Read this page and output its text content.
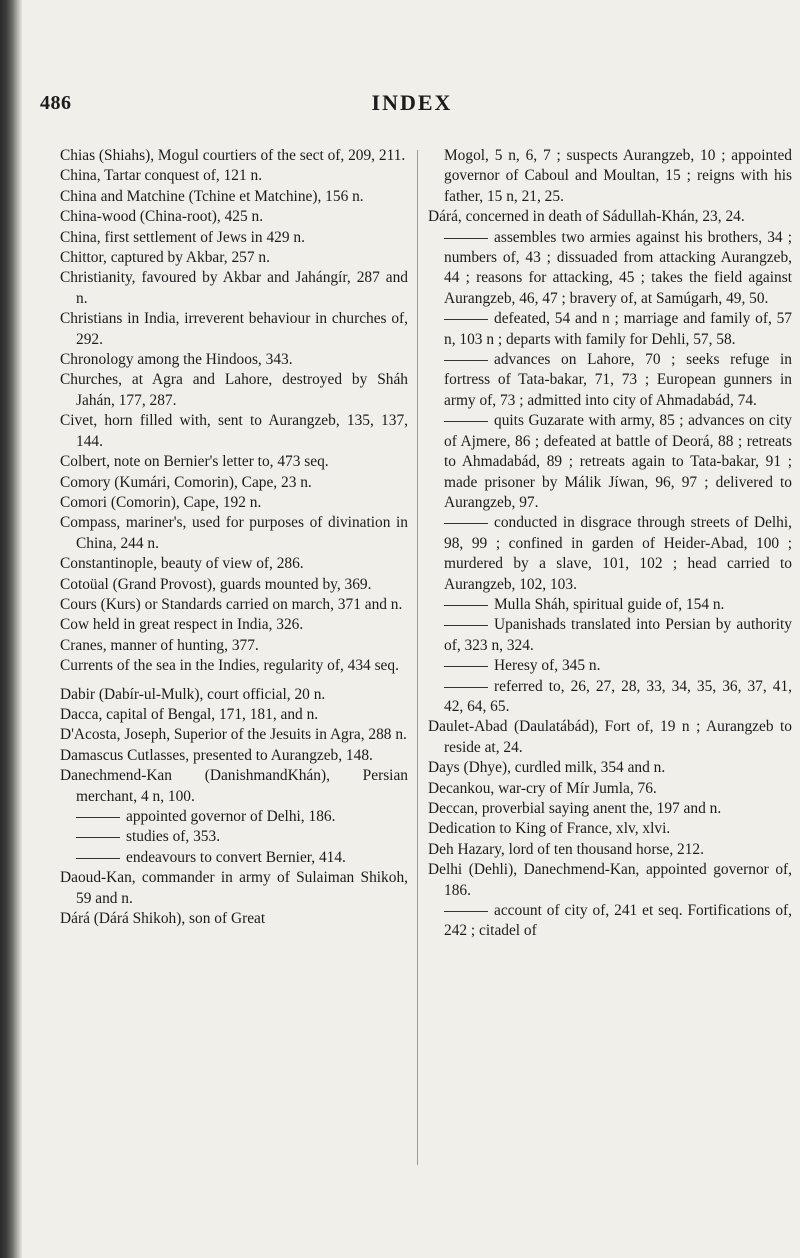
486	INDEX

Chias (Shiahs), Mogul courtiers of the sect of, 209, 211.

China, Tartar conquest of, 121 n.

China and Matchine (Tchine et Matchine), 156 n.

China-wood (China-root), 425 n.

China, first settlement of Jews in 429 n.

Chittor, captured by Akbar, 257 n.

Christianity, favoured by Akbar and Jahángír, 287 and n.

Christians in India, irreverent behaviour in churches of, 292.

Chronology among the Hindoos, 343.

Churches, at Agra and Lahore, destroyed by Sháh Jahán, 177, 287.

Civet, horn filled with, sent to Aurangzeb, 135, 137, 144.

Colbert, note on Bernier's letter to, 473 seq.

Comory (Kumári, Comorin), Cape, 23 n.

Comori (Comorin), Cape, 192 n.

Compass, mariner's, used for purposes of divination in China, 244 n.

Constantinople, beauty of view of, 286.

Cotoüal (Grand Provost), guards mounted by, 369.

Cours (Kurs) or Standards carried on march, 371 and n.

Cow held in great respect in India, 326.

Cranes, manner of hunting, 377.

Currents of the sea in the Indies, regularity of, 434 seq.

Dabir (Dabír-ul-Mulk), court official, 20 n.

Dacca, capital of Bengal, 171, 181, and n.

D'Acosta, Joseph, Superior of the Jesuits in Agra, 288 n.

Damascus Cutlasses, presented to Aurangzeb, 148.

Danechmend-Kan (DanishmandKhán), Persian merchant, 4 n, 100.

appointed governor of Delhi, 186.

studies of, 353.

endeavours to convert Bernier, 414.

Daoud-Kan, commander in army of Sulaiman Shikoh, 59 and n.

Dárá (Dárá Shikoh), son of Great

Mogol, 5 n, 6, 7 ; suspects Aurangzeb, 10 ; appointed governor of Caboul and Moultan, 15 ; reigns with his father, 15 n, 21, 25.

Dárá, concerned in death of Sádullah-Khán, 23, 24.

assembles two armies against his brothers, 34 ; numbers of, 43 ; dissuaded from attacking Aurangzeb, 44 ; reasons for attacking, 45 ; takes the field against Aurangzeb, 46, 47 ; bravery of, at Samúgarh, 49, 50.

defeated, 54 and n ; marriage and family of, 57 n, 103 n ; departs with family for Dehli, 57, 58.

advances on Lahore, 70 ; seeks refuge in fortress of Tata-bakar, 71, 73 ; European gunners in army of, 73 ; admitted into city of Ahmadabád, 74.

quits Guzarate with army, 85 ; advances on city of Ajmere, 86 ; defeated at battle of Deorá, 88 ; retreats to Ahmadabád, 89 ; retreats again to Tata-bakar, 91 ; made prisoner by Málik Jíwan, 96, 97 ; delivered to Aurangzeb, 97.

conducted in disgrace through streets of Delhi, 98, 99 ; confined in garden of Heider-Abad, 100 ; murdered by a slave, 101, 102 ; head carried to Aurangzeb, 102, 103.

Mulla Sháh, spiritual guide of, 154 n.

Upanishads translated into Persian by authority of, 323 n, 324.

Heresy of, 345 n.

referred to, 26, 27, 28, 33, 34, 35, 36, 37, 41, 42, 64, 65.

Daulet-Abad (Daulatábád), Fort of, 19 n ; Aurangzeb to reside at, 24.

Days (Dhye), curdled milk, 354 and n.

Decankou, war-cry of Mír Jumla, 76.

Deccan, proverbial saying anent the, 197 and n.

Dedication to King of France, xlv, xlvi.

Deh Hazary, lord of ten thousand horse, 212.

Delhi (Dehli), Danechmend-Kan, appointed governor of, 186.

account of city of, 241 et seq. Fortifications of, 242 ; citadel of
